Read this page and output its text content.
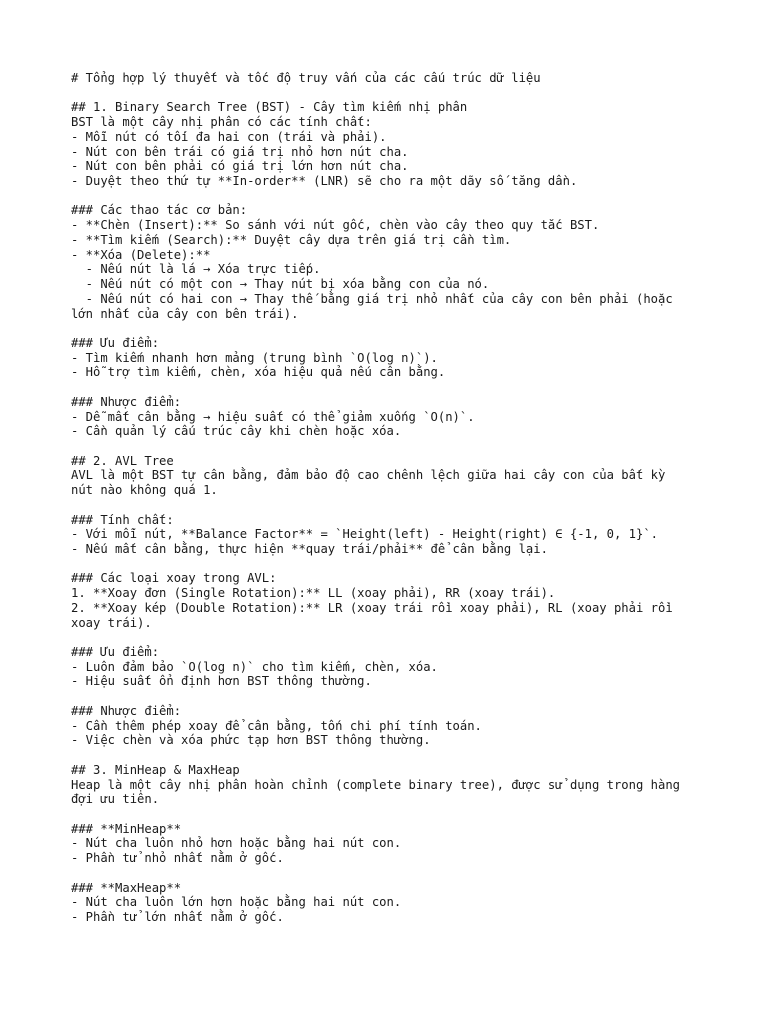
# Tổng hợp lý thuyết và tốc độ truy vấn của các cấu trúc dữ liệu
## 1. Binary Search Tree (BST) - Cây tìm kiếm nhị phân
BST là một cây nhị phân có các tính chất:
- Mỗi nút có tối đa hai con (trái và phải).
- Nút con bên trái có giá trị nhỏ hơn nút cha.
- Nút con bên phải có giá trị lớn hơn nút cha.
- Duyệt theo thứ tự **In-order** (LNR) sẽ cho ra một dãy số tăng dần.
### Các thao tác cơ bản:
- **Chèn (Insert):** So sánh với nút gốc, chèn vào cây theo quy tắc BST.
- **Tìm kiếm (Search):** Duyệt cây dựa trên giá trị cần tìm.
- **Xóa (Delete):**
- Nếu nút là lá → Xóa trực tiếp.
- Nếu nút có một con → Thay nút bị xóa bằng con của nó.
- Nếu nút có hai con → Thay thế bằng giá trị nhỏ nhất của cây con bên phải (hoặc
lớn nhất của cây con bên trái).
### Ưu điểm:
- Tìm kiếm nhanh hơn mảng (trung bình `O(log n)`).
- Hỗ trợ tìm kiếm, chèn, xóa hiệu quả nếu cân bằng.
### Nhược điểm:
- Dễ mất cân bằng → hiệu suất có thể giảm xuống `O(n)`.
- Cần quản lý cấu trúc cây khi chèn hoặc xóa.
## 2. AVL Tree
AVL là một BST tự cân bằng, đảm bảo độ cao chênh lệch giữa hai cây con của bất kỳ
nút nào không quá 1.
### Tính chất:
- Với mỗi nút, **Balance Factor** = `Height(left) - Height(right) ∈ {-1, 0, 1}`.
- Nếu mất cân bằng, thực hiện **quay trái/phải** để cân bằng lại.
### Các loại xoay trong AVL:
1. **Xoay đơn (Single Rotation):** LL (xoay phải), RR (xoay trái).
2. **Xoay kép (Double Rotation):** LR (xoay trái rồi xoay phải), RL (xoay phải rồi
xoay trái).
### Ưu điểm:
- Luôn đảm bảo `O(log n)` cho tìm kiếm, chèn, xóa.
- Hiệu suất ổn định hơn BST thông thường.
### Nhược điểm:
- Cần thêm phép xoay để cân bằng, tốn chi phí tính toán.
- Việc chèn và xóa phức tạp hơn BST thông thường.
## 3. MinHeap & MaxHeap
Heap là một cây nhị phân hoàn chỉnh (complete binary tree), được sử dụng trong hàng
đợi ưu tiên.
### **MinHeap**
- Nút cha luôn nhỏ hơn hoặc bằng hai nút con.
- Phần tử nhỏ nhất nằm ở gốc.
### **MaxHeap**
- Nút cha luôn lớn hơn hoặc bằng hai nút con.
- Phần tử lớn nhất nằm ở gốc.
